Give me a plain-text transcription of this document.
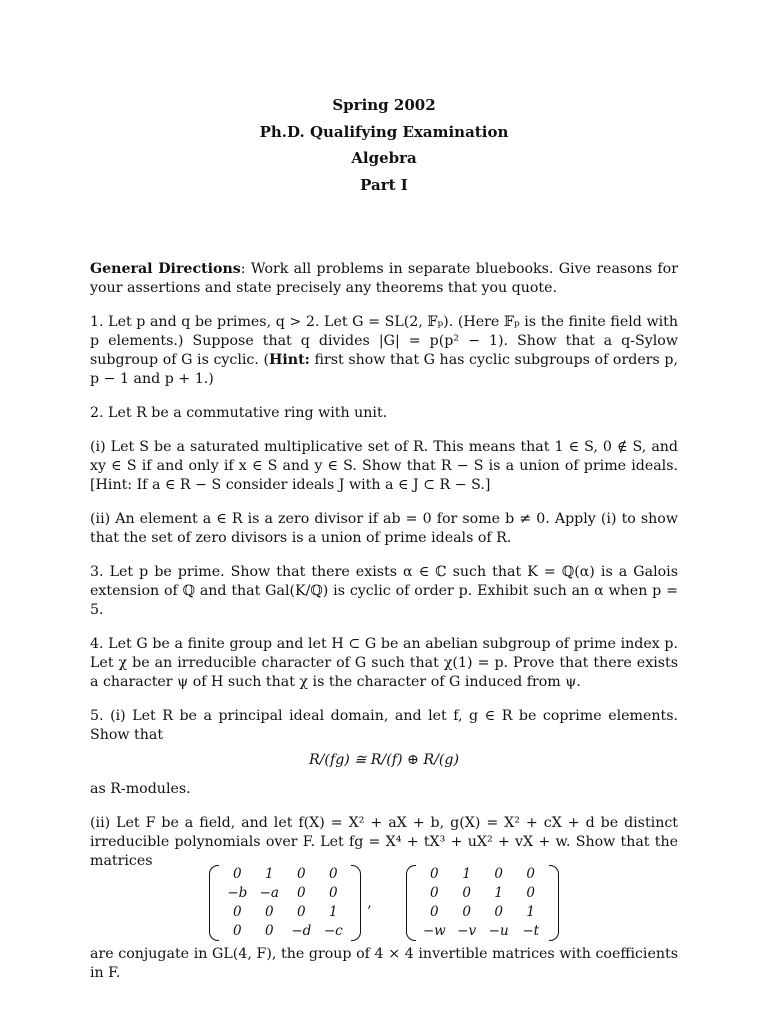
Spring 2002
Ph.D. Qualifying Examination
Algebra
Part I

General Directions: Work all problems in separate bluebooks. Give reasons for your assertions and state precisely any theorems that you quote.

1. Let p and q be primes, q > 2. Let G = SL(2, 𝔽ₚ). (Here 𝔽ₚ is the finite field with p elements.) Suppose that q divides |G| = p(p² − 1). Show that a q-Sylow subgroup of G is cyclic. (Hint: first show that G has cyclic subgroups of orders p, p − 1 and p + 1.)

2. Let R be a commutative ring with unit.

(i) Let S be a saturated multiplicative set of R. This means that 1 ∈ S, 0 ∉ S, and xy ∈ S if and only if x ∈ S and y ∈ S. Show that R − S is a union of prime ideals. [Hint: If a ∈ R − S consider ideals J with a ∈ J ⊂ R − S.]

(ii) An element a ∈ R is a zero divisor if ab = 0 for some b ≠ 0. Apply (i) to show that the set of zero divisors is a union of prime ideals of R.

3. Let p be prime. Show that there exists α ∈ ℂ such that K = ℚ(α) is a Galois extension of ℚ and that Gal(K/ℚ) is cyclic of order p. Exhibit such an α when p = 5.

4. Let G be a finite group and let H ⊂ G be an abelian subgroup of prime index p. Let χ be an irreducible character of G such that χ(1) = p. Prove that there exists a character ψ of H such that χ is the character of G induced from ψ.

5. (i) Let R be a principal ideal domain, and let f, g ∈ R be coprime elements. Show that

R/(fg) ≅ R/(f) ⊕ R/(g)

as R-modules.

(ii) Let F be a field, and let f(X) = X² + aX + b, g(X) = X² + cX + d be distinct irreducible polynomials over F. Let fg = X⁴ + tX³ + uX² + vX + w. Show that the matrices

0	1	0	0
−b	−a	0	0
0	0	0	1
0	0	−d	−c
,
0	1	0	0
0	0	1	0
0	0	0	1
−w	−v	−u	−t

are conjugate in GL(4, F), the group of 4 × 4 invertible matrices with coefficients in F.
